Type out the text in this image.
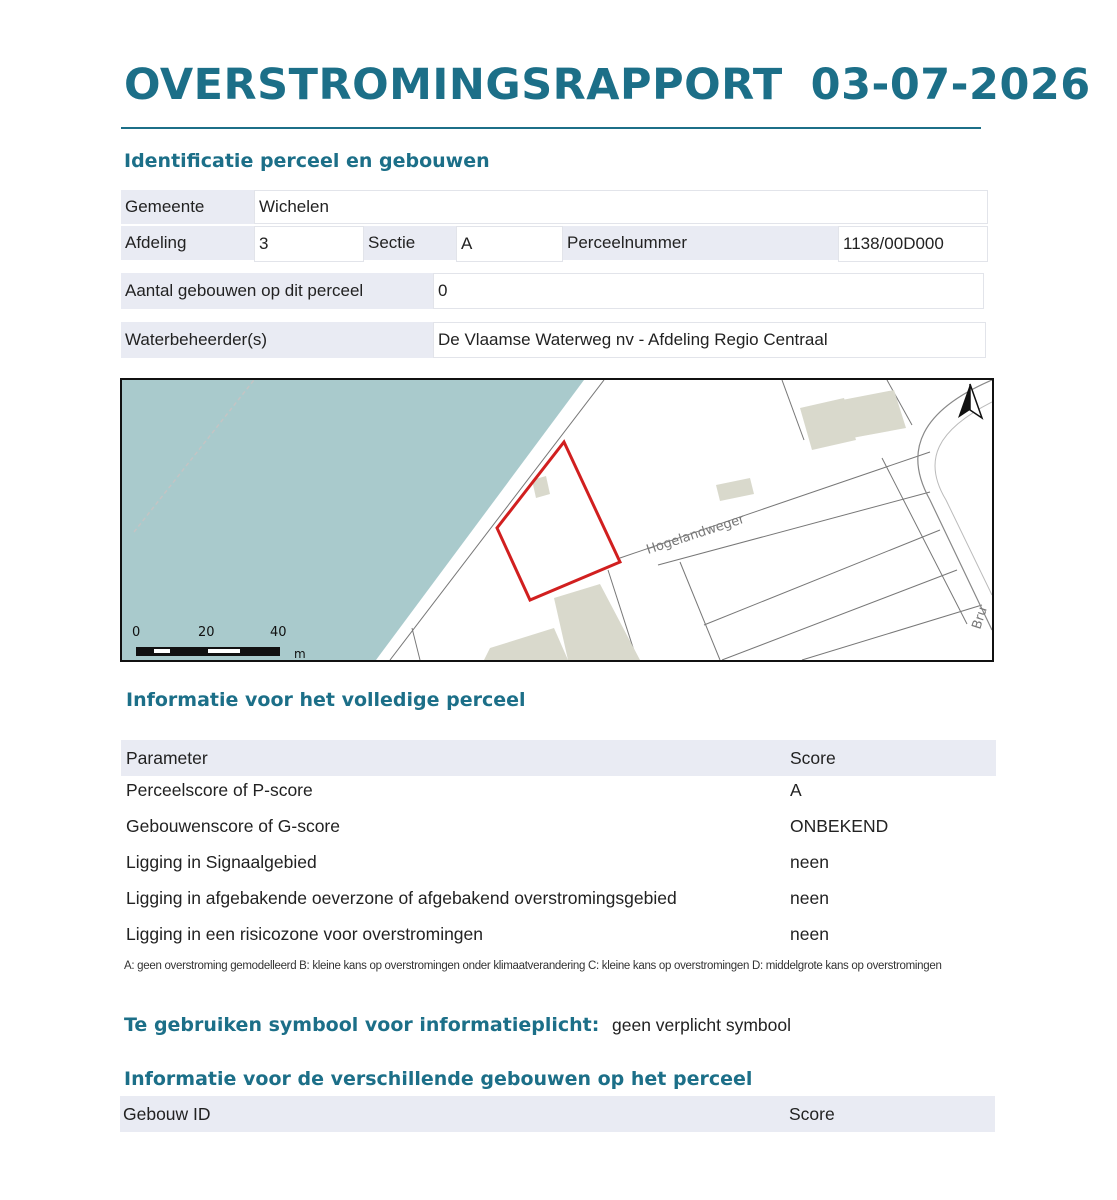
OVERSTROMINGSRAPPORT 03-07-2026
Identificatie perceel en gebouwen
Gemeente	Wichelen
Afdeling	3	Sectie	A	Perceelnummer	1138/00D000
Aantal gebouwen op dit perceel	0
Waterbeheerder(s)	De Vlaamse Waterweg nv - Afdeling Regio Centraal
Hogelandweger
Bru
0	20	40
m
Informatie voor het volledige perceel
Parameter	Score
Perceelscore of P-score	A
Gebouwenscore of G-score	ONBEKEND
Ligging in Signaalgebied	neen
Ligging in afgebakende oeverzone of afgebakend overstromingsgebied	neen
Ligging in een risicozone voor overstromingen	neen
A: geen overstroming gemodelleerd B: kleine kans op overstromingen onder klimaatverandering C: kleine kans op overstromingen D: middelgrote kans op overstromingen
Te gebruiken symbool voor informatieplicht: geen verplicht symbool
Informatie voor de verschillende gebouwen op het perceel
Gebouw ID	Score
